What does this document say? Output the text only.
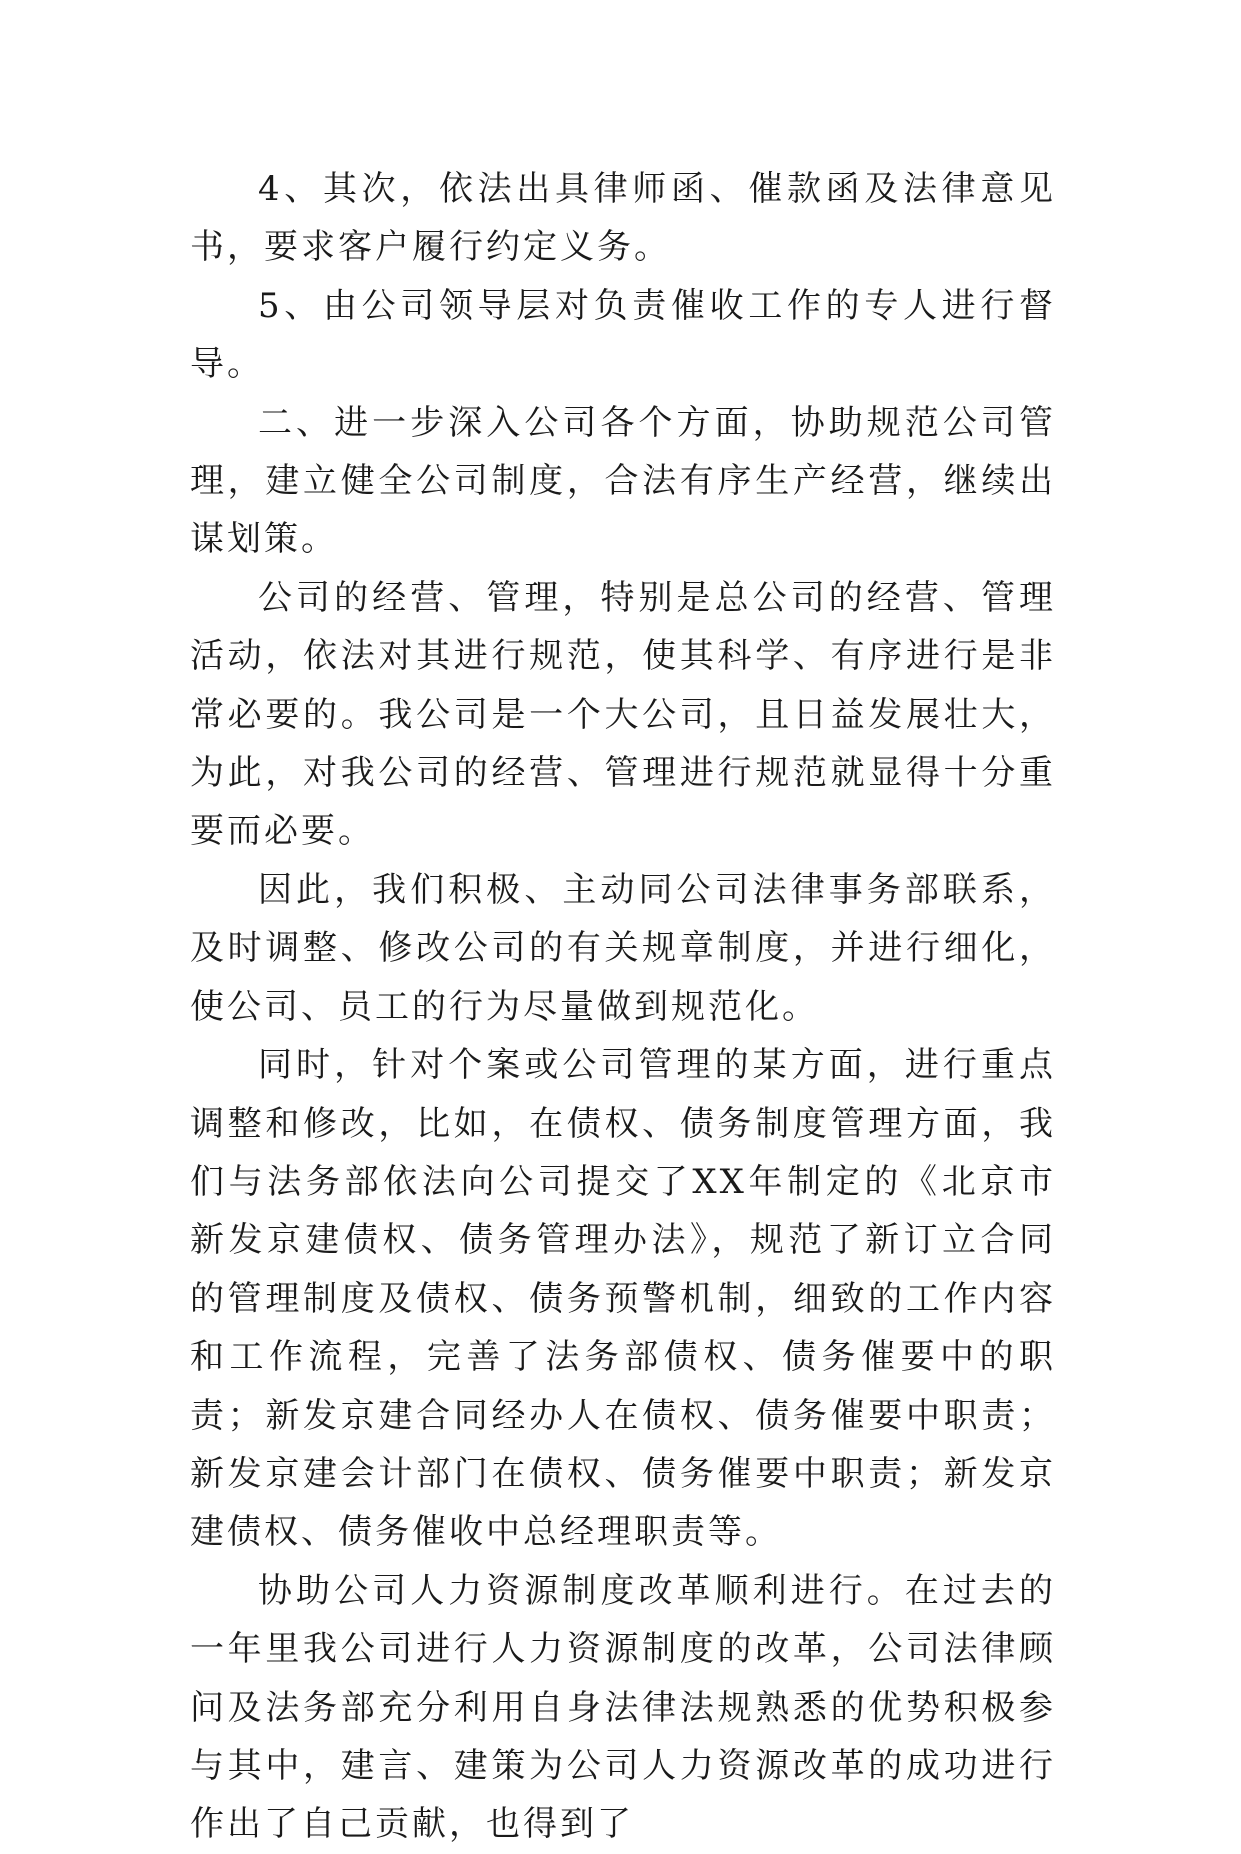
4、其次，依法出具律师函、催款函及法律意见书，要求客户履行约定义务。

5、由公司领导层对负责催收工作的专人进行督导。

二、进一步深入公司各个方面，协助规范公司管理，建立健全公司制度，合法有序生产经营，继续出谋划策。

公司的经营、管理，特别是总公司的经营、管理活动，依法对其进行规范，使其科学、有序进行是非常必要的。我公司是一个大公司，且日益发展壮大，为此，对我公司的经营、管理进行规范就显得十分重要而必要。

因此，我们积极、主动同公司法律事务部联系，及时调整、修改公司的有关规章制度，并进行细化，使公司、员工的行为尽量做到规范化。

同时，针对个案或公司管理的某方面，进行重点调整和修改，比如，在债权、债务制度管理方面，我们与法务部依法向公司提交了XX年制定的《北京市新发京建债权、债务管理办法》，规范了新订立合同的管理制度及债权、债务预警机制，细致的工作内容和工作流程，完善了法务部债权、债务催要中的职责；新发京建合同经办人在债权、债务催要中职责；新发京建会计部门在债权、债务催要中职责；新发京建债权、债务催收中总经理职责等。

协助公司人力资源制度改革顺利进行。在过去的一年里我公司进行人力资源制度的改革，公司法律顾问及法务部充分利用自身法律法规熟悉的优势积极参与其中，建言、建策为公司人力资源改革的成功进行作出了自己贡献，也得到了
